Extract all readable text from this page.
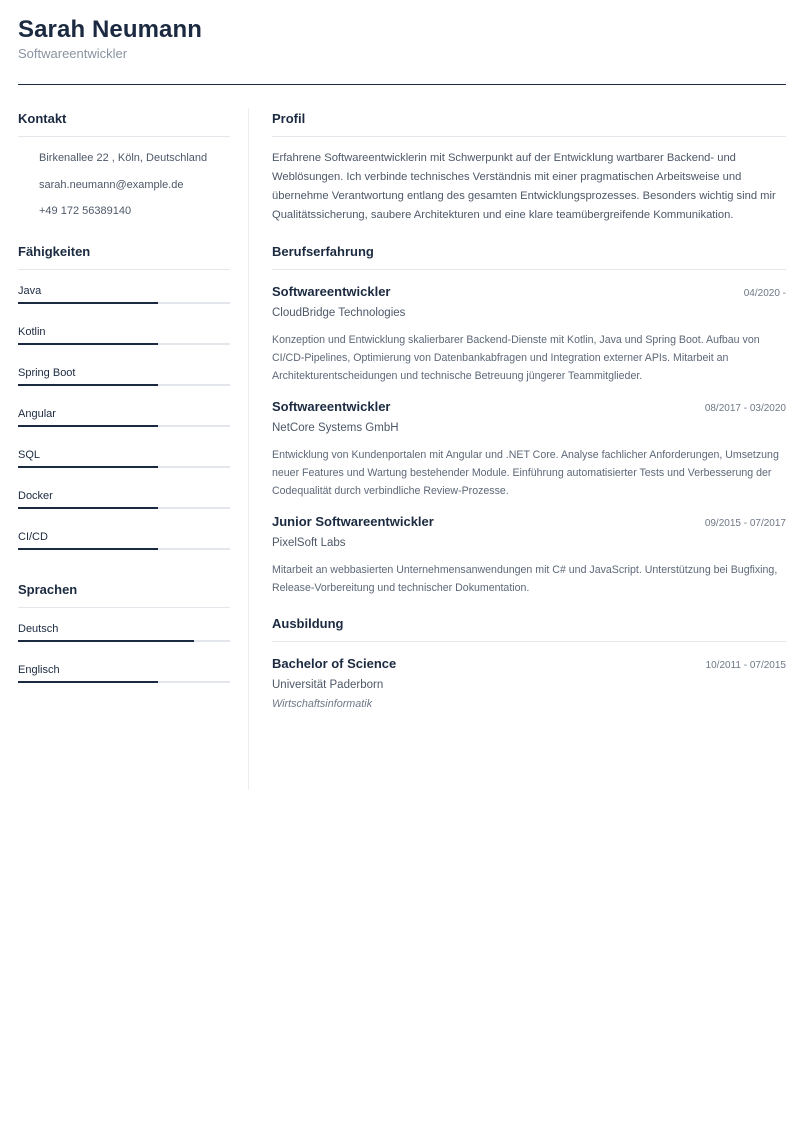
Sarah Neumann
Softwareentwickler
Kontakt
Birkenallee 22 , Köln, Deutschland
sarah.neumann@example.de
+49 172 56389140
Fähigkeiten
Java
Kotlin
Spring Boot
Angular
SQL
Docker
CI/CD
Sprachen
Deutsch
Englisch
Profil
Erfahrene Softwareentwicklerin mit Schwerpunkt auf der Entwicklung wartbarer Backend- und Weblösungen. Ich verbinde technisches Verständnis mit einer pragmatischen Arbeitsweise und übernehme Verantwortung entlang des gesamten Entwicklungsprozesses. Besonders wichtig sind mir Qualitätssicherung, saubere Architekturen und eine klare teamübergreifende Kommunikation.
Berufserfahrung
Softwareentwickler	04/2020 -
CloudBridge Technologies
Konzeption und Entwicklung skalierbarer Backend-Dienste mit Kotlin, Java und Spring Boot. Aufbau von CI/CD-Pipelines, Optimierung von Datenbankabfragen und Integration externer APIs. Mitarbeit an Architekturentscheidungen und technische Betreuung jüngerer Teammitglieder.
Softwareentwickler	08/2017 - 03/2020
NetCore Systems GmbH
Entwicklung von Kundenportalen mit Angular und .NET Core. Analyse fachlicher Anforderungen, Umsetzung neuer Features und Wartung bestehender Module. Einführung automatisierter Tests und Verbesserung der Codequalität durch verbindliche Review-Prozesse.
Junior Softwareentwickler	09/2015 - 07/2017
PixelSoft Labs
Mitarbeit an webbasierten Unternehmensanwendungen mit C# und JavaScript. Unterstützung bei Bugfixing, Release-Vorbereitung und technischer Dokumentation.
Ausbildung
Bachelor of Science	10/2011 - 07/2015
Universität Paderborn
Wirtschaftsinformatik
